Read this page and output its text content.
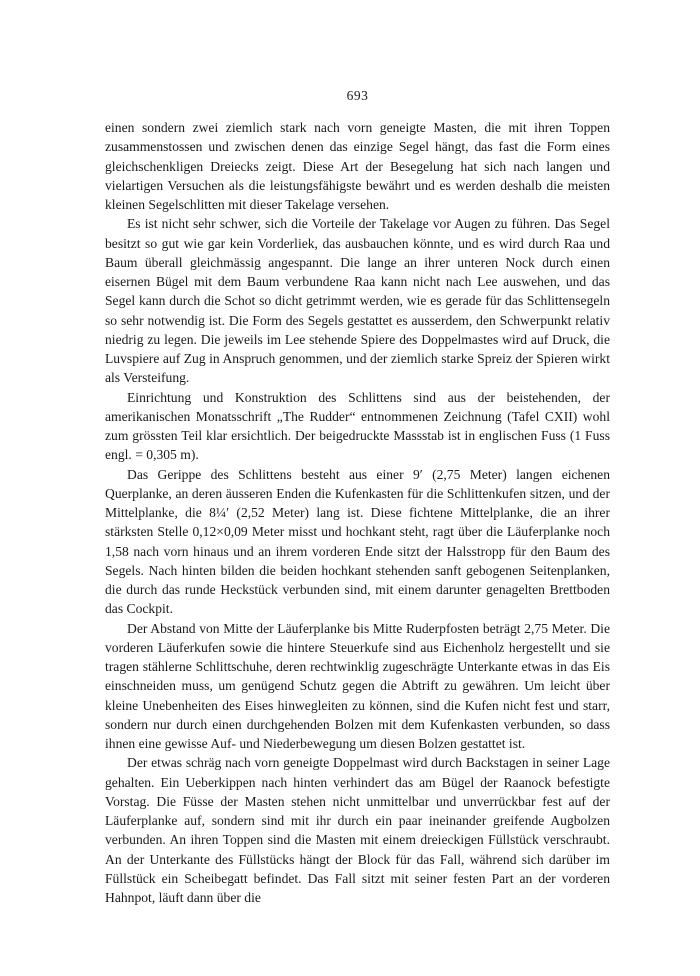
693

einen sondern zwei ziemlich stark nach vorn geneigte Masten, die mit ihren Toppen zusammenstossen und zwischen denen das einzige Segel hängt, das fast die Form eines gleichschenkligen Dreiecks zeigt. Diese Art der Besegelung hat sich nach langen und vielartigen Versuchen als die leistungsfähigste bewährt und es werden deshalb die meisten kleinen Segelschlitten mit dieser Takelage versehen.

Es ist nicht sehr schwer, sich die Vorteile der Takelage vor Augen zu führen. Das Segel besitzt so gut wie gar kein Vorderliek, das ausbauchen könnte, und es wird durch Raa und Baum überall gleichmässig angespannt. Die lange an ihrer unteren Nock durch einen eisernen Bügel mit dem Baum verbundene Raa kann nicht nach Lee auswehen, und das Segel kann durch die Schot so dicht getrimmt werden, wie es gerade für das Schlittensegeln so sehr notwendig ist. Die Form des Segels gestattet es ausserdem, den Schwerpunkt relativ niedrig zu legen. Die jeweils im Lee stehende Spiere des Doppelmastes wird auf Druck, die Luvspiere auf Zug in Anspruch genommen, und der ziemlich starke Spreiz der Spieren wirkt als Versteifung.

Einrichtung und Konstruktion des Schlittens sind aus der beistehenden, der amerikanischen Monatsschrift „The Rudder“ entnommenen Zeichnung (Tafel CXII) wohl zum grössten Teil klar ersichtlich. Der beigedruckte Massstab ist in englischen Fuss (1 Fuss engl. = 0,305 m).

Das Gerippe des Schlittens besteht aus einer 9′ (2,75 Meter) langen eichenen Querplanke, an deren äusseren Enden die Kufenkasten für die Schlittenkufen sitzen, und der Mittelplanke, die 8¼′ (2,52 Meter) lang ist. Diese fichtene Mittelplanke, die an ihrer stärksten Stelle 0,12×0,09 Meter misst und hochkant steht, ragt über die Läuferplanke noch 1,58 nach vorn hinaus und an ihrem vorderen Ende sitzt der Halsstropp für den Baum des Segels. Nach hinten bilden die beiden hochkant stehenden sanft gebogenen Seitenplanken, die durch das runde Heckstück verbunden sind, mit einem darunter genagelten Brettboden das Cockpit.

Der Abstand von Mitte der Läuferplanke bis Mitte Ruderpfosten beträgt 2,75 Meter. Die vorderen Läuferkufen sowie die hintere Steuerkufe sind aus Eichenholz hergestellt und sie tragen stählerne Schlittschuhe, deren rechtwinklig zugeschrägte Unterkante etwas in das Eis einschneiden muss, um genügend Schutz gegen die Abtrift zu gewähren. Um leicht über kleine Unebenheiten des Eises hinwegleiten zu können, sind die Kufen nicht fest und starr, sondern nur durch einen durchgehenden Bolzen mit dem Kufenkasten verbunden, so dass ihnen eine gewisse Auf- und Niederbewegung um diesen Bolzen gestattet ist.

Der etwas schräg nach vorn geneigte Doppelmast wird durch Backstagen in seiner Lage gehalten. Ein Ueberkippen nach hinten verhindert das am Bügel der Raanock befestigte Vorstag. Die Füsse der Masten stehen nicht unmittelbar und unverrückbar fest auf der Läuferplanke auf, sondern sind mit ihr durch ein paar ineinander greifende Augbolzen verbunden. An ihren Toppen sind die Masten mit einem dreieckigen Füllstück verschraubt. An der Unterkante des Füllstücks hängt der Block für das Fall, während sich darüber im Füllstück ein Scheibegatt befindet. Das Fall sitzt mit seiner festen Part an der vorderen Hahnpot, läuft dann über die
